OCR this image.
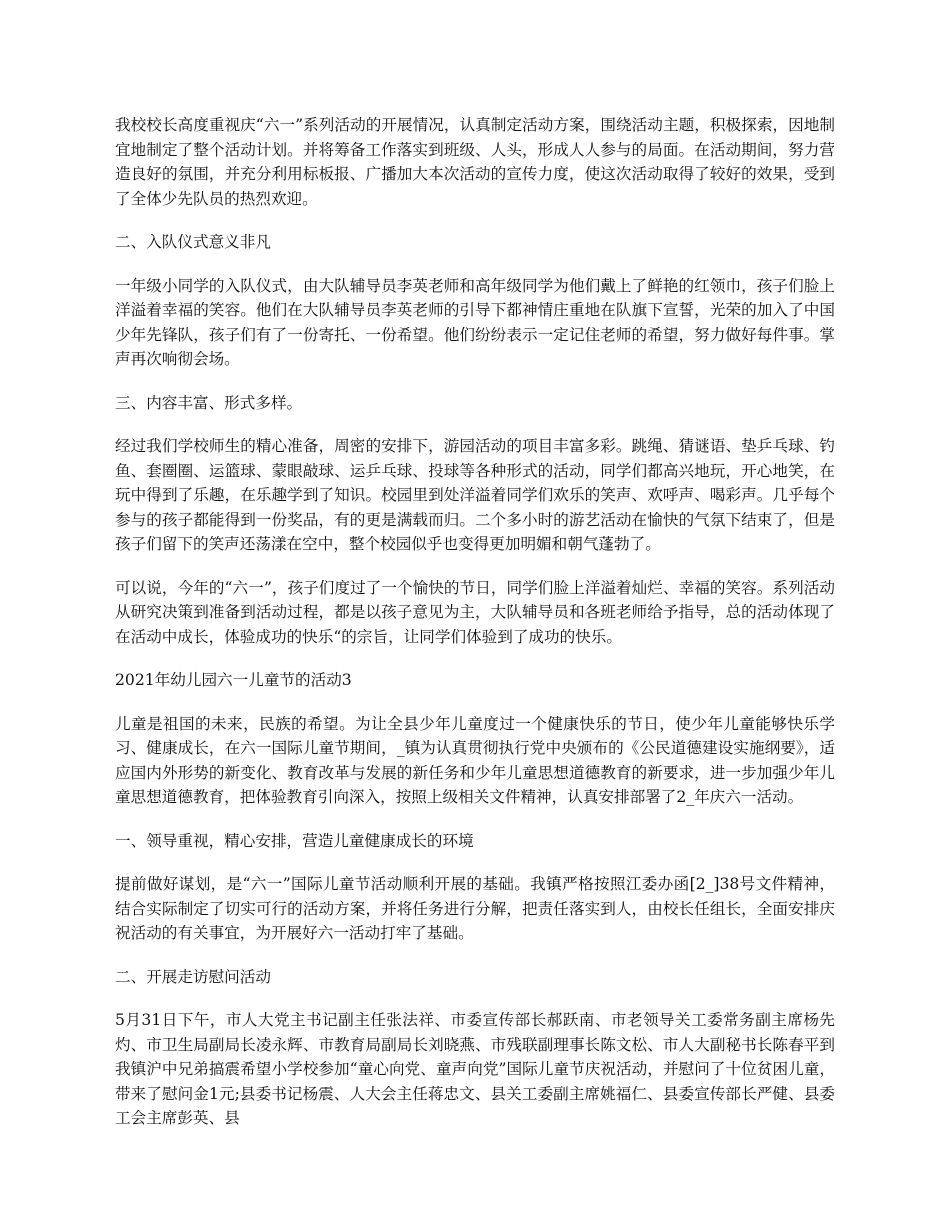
我校校长高度重视庆“六一”系列活动的开展情况，认真制定活动方案，围绕活动主题，积极探索，因地制宜地制定了整个活动计划。并将筹备工作落实到班级、人头，形成人人参与的局面。在活动期间，努力营造良好的氛围，并充分利用标板报、广播加大本次活动的宣传力度，使这次活动取得了较好的效果，受到了全体少先队员的热烈欢迎。

二、入队仪式意义非凡

一年级小同学的入队仪式，由大队辅导员李英老师和高年级同学为他们戴上了鲜艳的红领巾，孩子们脸上洋溢着幸福的笑容。他们在大队辅导员李英老师的引导下都神情庄重地在队旗下宣誓，光荣的加入了中国少年先锋队，孩子们有了一份寄托、一份希望。他们纷纷表示一定记住老师的希望，努力做好每件事。掌声再次响彻会场。

三、内容丰富、形式多样。

经过我们学校师生的精心准备，周密的安排下，游园活动的项目丰富多彩。跳绳、猜谜语、垫乒乓球、钓鱼、套圈圈、运篮球、蒙眼敲球、运乒乓球、投球等各种形式的活动，同学们都高兴地玩，开心地笑，在玩中得到了乐趣，在乐趣学到了知识。校园里到处洋溢着同学们欢乐的笑声、欢呼声、喝彩声。几乎每个参与的孩子都能得到一份奖品，有的更是满载而归。二个多小时的游艺活动在愉快的气氛下结束了，但是孩子们留下的笑声还荡漾在空中，整个校园似乎也变得更加明媚和朝气蓬勃了。

可以说，今年的“六一”，孩子们度过了一个愉快的节日，同学们脸上洋溢着灿烂、幸福的笑容。系列活动从研究决策到准备到活动过程，都是以孩子意见为主，大队辅导员和各班老师给予指导，总的活动体现了在活动中成长，体验成功的快乐“的宗旨，让同学们体验到了成功的快乐。

2021年幼儿园六一儿童节的活动3

儿童是祖国的未来，民族的希望。为让全县少年儿童度过一个健康快乐的节日，使少年儿童能够快乐学习、健康成长，在六一国际儿童节期间，_镇为认真贯彻执行党中央颁布的《公民道德建设实施纲要》，适应国内外形势的新变化、教育改革与发展的新任务和少年儿童思想道德教育的新要求，进一步加强少年儿童思想道德教育，把体验教育引向深入，按照上级相关文件精神，认真安排部署了2_年庆六一活动。

一、领导重视，精心安排，营造儿童健康成长的环境

提前做好谋划，是“六一”国际儿童节活动顺利开展的基础。我镇严格按照江委办函[2_]38号文件精神，结合实际制定了切实可行的活动方案，并将任务进行分解，把责任落实到人，由校长任组长，全面安排庆祝活动的有关事宜，为开展好六一活动打牢了基础。

二、开展走访慰问活动

5月31日下午，市人大党主书记副主任张法祥、市委宣传部长郝跃南、市老领导关工委常务副主席杨先灼、市卫生局副局长凌永辉、市教育局副局长刘晓燕、市残联副理事长陈文松、市人大副秘书长陈春平到我镇沪中兄弟搞震希望小学校参加“童心向党、童声向党”国际儿童节庆祝活动，并慰问了十位贫困儿童，带来了慰问金1元;县委书记杨震、人大会主任蒋忠文、县关工委副主席姚福仁、县委宣传部长严健、县委工会主席彭英、县
